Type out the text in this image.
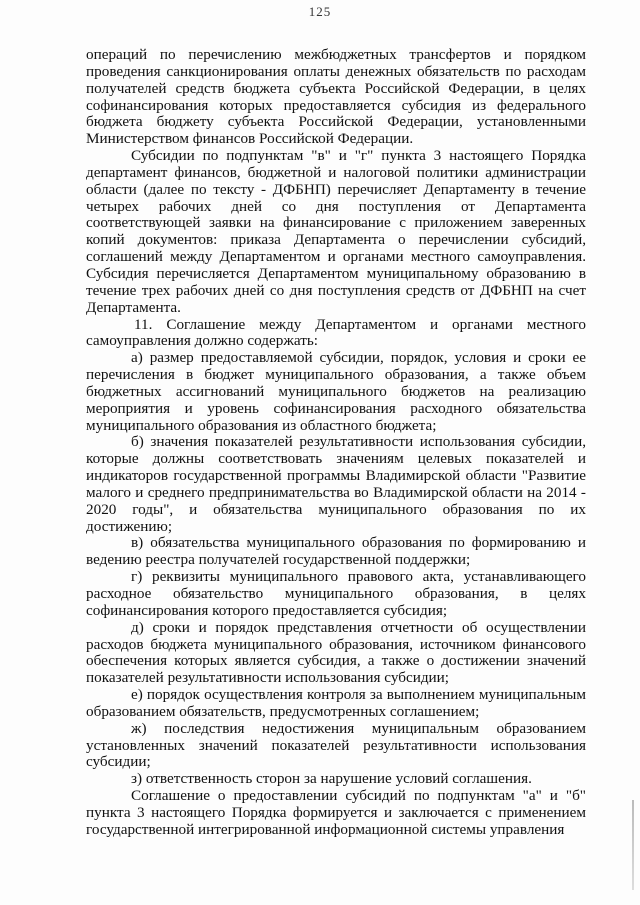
125

операций по перечислению межбюджетных трансфертов и порядком проведения санкционирования оплаты денежных обязательств по расходам получателей средств бюджета субъекта Российской Федерации, в целях софинансирования которых предоставляется субсидия из федерального бюджета бюджету субъекта Российской Федерации, установленными Министерством финансов Российской Федерации.

Субсидии по подпунктам "в" и "г" пункта 3 настоящего Порядка департамент финансов, бюджетной и налоговой политики администрации области (далее по тексту - ДФБНП) перечисляет Департаменту в течение четырех рабочих дней со дня поступления от Департамента соответствующей заявки на финансирование с приложением заверенных копий документов: приказа Департамента о перечислении субсидий, соглашений между Департаментом и органами местного самоуправления. Субсидия перечисляется Департаментом муниципальному образованию в течение трех рабочих дней со дня поступления средств от ДФБНП на счет Департамента.

11. Соглашение между Департаментом и органами местного самоуправления должно содержать:

а) размер предоставляемой субсидии, порядок, условия и сроки ее перечисления в бюджет муниципального образования, а также объем бюджетных ассигнований муниципального бюджетов на реализацию мероприятия и уровень софинансирования расходного обязательства муниципального образования из областного бюджета;

б) значения показателей результативности использования субсидии, которые должны соответствовать значениям целевых показателей и индикаторов государственной программы Владимирской области "Развитие малого и среднего предпринимательства во Владимирской области на 2014 - 2020 годы", и обязательства муниципального образования по их достижению;

в) обязательства муниципального образования по формированию и ведению реестра получателей государственной поддержки;

г) реквизиты муниципального правового акта, устанавливающего расходное обязательство муниципального образования, в целях софинансирования которого предоставляется субсидия;

д) сроки и порядок представления отчетности об осуществлении расходов бюджета муниципального образования, источником финансового обеспечения которых является субсидия, а также о достижении значений показателей результативности использования субсидии;

е) порядок осуществления контроля за выполнением муниципальным образованием обязательств, предусмотренных соглашением;

ж) последствия недостижения муниципальным образованием установленных значений показателей результативности использования субсидии;

з) ответственность сторон за нарушение условий соглашения.

Соглашение о предоставлении субсидий по подпунктам "а" и "б" пункта 3 настоящего Порядка формируется и заключается с применением государственной интегрированной информационной системы управления
